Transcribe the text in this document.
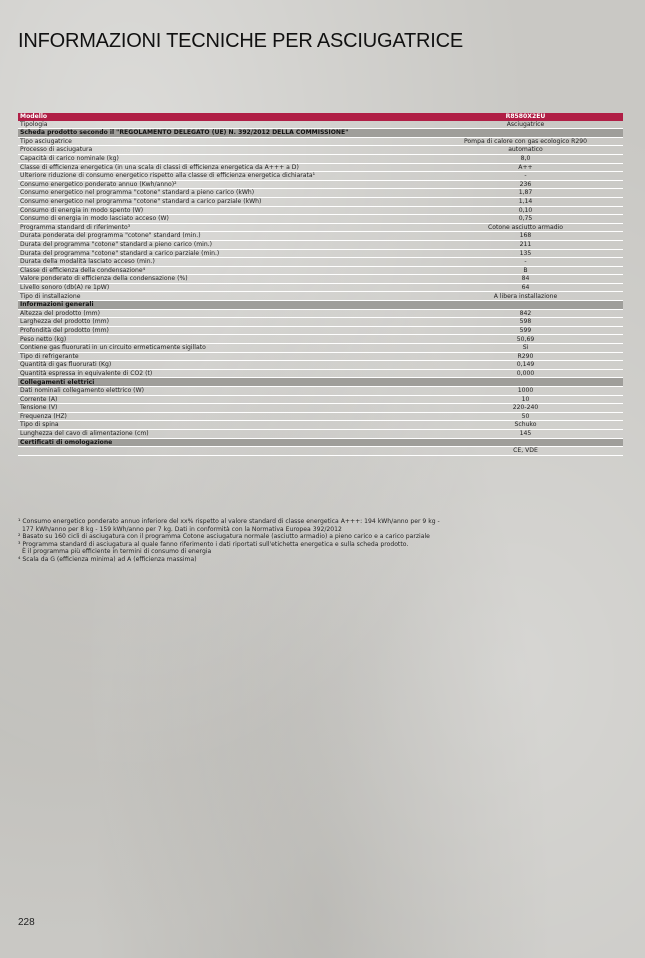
INFORMAZIONI TECNICHE PER ASCIUGATRICE
Modello	R8580X2EU
Tipologia	Asciugatrice
Scheda prodotto secondo il "REGOLAMENTO DELEGATO (UE) N. 392/2012 DELLA COMMISSIONE"	
Tipo asciugatrice	Pompa di calore con gas ecologico R290
Processo di asciugatura	automatico
Capacità di carico nominale (kg)	8,0
Classe di efficienza energetica (in una scala di classi di efficienza energetica da A+++ a D)	A++
Ulteriore riduzione di consumo energetico rispetto alla classe di efficienza energetica dichiarata¹	-
Consumo energetico ponderato annuo (Kwh/anno)²	236
Consumo energetico nel programma "cotone" standard a pieno carico (kWh)	1,87
Consumo energetico nel programma "cotone" standard a carico parziale (kWh)	1,14
Consumo di energia in modo spento (W)	0,10
Consumo di energia in modo lasciato acceso (W)	0,75
Programma standard di riferimento³	Cotone asciutto armadio
Durata ponderata del programma "cotone" standard (min.)	168
Durata del programma "cotone" standard a pieno carico (min.)	211
Durata del programma "cotone" standard a carico parziale (min.)	135
Durata della modalità lasciato acceso (min.)	-
Classe di efficienza della condensazione⁴	B
Valore ponderato di efficienza della condensazione (%)	84
Livello sonoro (db(A) re 1pW)	64
Tipo di installazione	A libera installazione
Informazioni generali	
Altezza del prodotto (mm)	842
Larghezza del prodotto (mm)	598
Profondità del prodotto (mm)	599
Peso netto (kg)	50,69
Contiene gas fluorurati in un circuito ermeticamente sigillato	Sì
Tipo di refrigerante	R290
Quantità di gas fluorurati (Kg)	0,149
Quantità espressa in equivalente di CO2 (t)	0,000
Collegamenti elettrici	
Dati nominali collegamento elettrico (W)	1000
Corrente (A)	10
Tensione (V)	220-240
Frequenza (HZ)	50
Tipo di spina	Schuko
Lunghezza del cavo di alimentazione (cm)	145
Certificati di omologazione	
	CE, VDE

¹ Consumo energetico ponderato annuo inferiore del xx% rispetto al valore standard di classe energetica A+++: 194 kWh/anno per 9 kg -
177 kWh/anno per 8 kg - 159 kWh/anno per 7 kg. Dati in conformità con la Normativa Europea 392/2012

² Basato su 160 cicli di asciugatura con il programma Cotone asciugatura normale (asciutto armadio) a pieno carico e a carico parziale

³ Programma standard di asciugatura al quale fanno riferimento i dati riportati sull'etichetta energetica e sulla scheda prodotto.
È il programma più efficiente in termini di consumo di energia

⁴ Scala da G (efficienza minima) ad A (efficienza massima)

228
